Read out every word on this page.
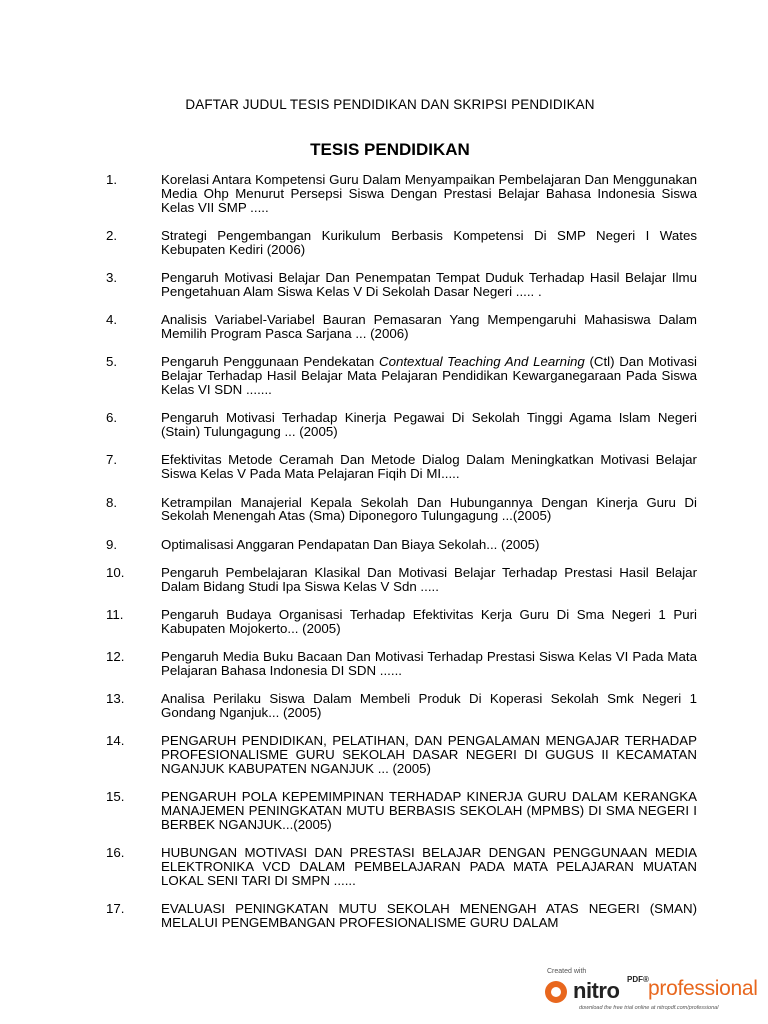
DAFTAR JUDUL TESIS PENDIDIKAN DAN SKRIPSI PENDIDIKAN
TESIS PENDIDIKAN
1.	Korelasi Antara Kompetensi Guru Dalam Menyampaikan Pembelajaran Dan Menggunakan Media Ohp Menurut Persepsi Siswa Dengan Prestasi Belajar Bahasa Indonesia Siswa Kelas VII SMP .....
2.	Strategi Pengembangan Kurikulum Berbasis Kompetensi Di SMP Negeri I Wates Kebupaten Kediri (2006)
3.	Pengaruh Motivasi Belajar Dan Penempatan Tempat Duduk Terhadap Hasil Belajar Ilmu Pengetahuan Alam Siswa Kelas V Di Sekolah Dasar Negeri ..... .
4.	Analisis Variabel-Variabel Bauran Pemasaran Yang Mempengaruhi Mahasiswa Dalam Memilih Program Pasca Sarjana ... (2006)
5.	Pengaruh Penggunaan Pendekatan Contextual Teaching And Learning (Ctl) Dan Motivasi Belajar Terhadap Hasil Belajar Mata Pelajaran Pendidikan Kewarganegaraan Pada Siswa Kelas VI SDN .......
6.	Pengaruh Motivasi Terhadap Kinerja Pegawai Di Sekolah Tinggi Agama Islam Negeri (Stain) Tulungagung ... (2005)
7.	Efektivitas Metode Ceramah Dan Metode Dialog Dalam Meningkatkan Motivasi Belajar Siswa Kelas V Pada Mata Pelajaran Fiqih Di MI.....
8.	Ketrampilan Manajerial Kepala Sekolah Dan Hubungannya Dengan Kinerja Guru Di Sekolah Menengah Atas (Sma) Diponegoro Tulungagung ...(2005)
9.	Optimalisasi Anggaran Pendapatan Dan Biaya Sekolah... (2005)
10.	Pengaruh Pembelajaran Klasikal Dan Motivasi Belajar Terhadap Prestasi Hasil Belajar Dalam Bidang Studi Ipa Siswa Kelas V Sdn .....
11.	Pengaruh Budaya Organisasi Terhadap Efektivitas Kerja Guru Di Sma Negeri 1 Puri Kabupaten Mojokerto... (2005)
12.	Pengaruh Media Buku Bacaan Dan Motivasi Terhadap Prestasi Siswa Kelas VI Pada Mata Pelajaran Bahasa Indonesia DI SDN ......
13.	Analisa Perilaku Siswa Dalam Membeli Produk Di Koperasi Sekolah Smk Negeri 1 Gondang Nganjuk... (2005)
14.	PENGARUH PENDIDIKAN, PELATIHAN, DAN PENGALAMAN MENGAJAR TERHADAP PROFESIONALISME GURU SEKOLAH DASAR NEGERI DI GUGUS II KECAMATAN NGANJUK KABUPATEN NGANJUK ... (2005)
15.	PENGARUH POLA KEPEMIMPINAN TERHADAP KINERJA GURU DALAM KERANGKA MANAJEMEN PENINGKATAN MUTU BERBASIS SEKOLAH (MPMBS) DI SMA NEGERI I BERBEK NGANJUK...(2005)
16.	HUBUNGAN MOTIVASI DAN PRESTASI BELAJAR DENGAN PENGGUNAAN MEDIA ELEKTRONIKA VCD DALAM PEMBELAJARAN PADA MATA PELAJARAN MUATAN LOKAL SENI TARI DI SMPN ......
17.	EVALUASI PENINGKATAN MUTU SEKOLAH MENENGAH ATAS NEGERI (SMAN) MELALUI PENGEMBANGAN PROFESIONALISME GURU DALAM
Created with
nitro PDF® professional
download the free trial online at nitropdf.com/professional
